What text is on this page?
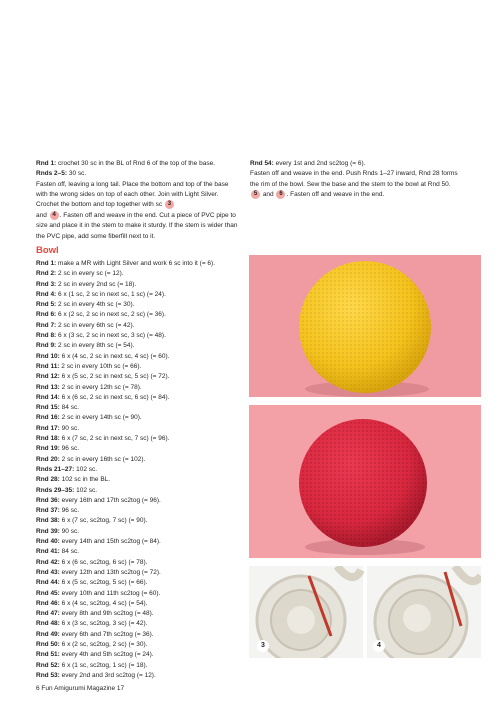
Rnd 1: crochet 30 sc in the BL of Rnd 6 of the top of the base.

Rnds 2–5: 30 sc.

Fasten off, leaving a long tail. Place the bottom and top of the base with the wrong sides on top of each other. Join with Light Silver. Crochet the bottom and top together with sc 3
and 4 . Fasten off and weave in the end. Cut a piece of PVC pipe to size and place it in the stem to make it sturdy. If the stem is wider than the PVC pipe, add some fiberfill next to it.

Rnd 54: every 1st and 2nd sc2tog (= 6).

Fasten off and weave in the end. Push Rnds 1–27 inward, Rnd 28 forms the rim of the bowl. Sew the base and the stem to the bowl at Rnd 50. 5 and 6 . Fasten off and weave in the end.

Bowl

Rnd 1: make a MR with Light Silver and work 6 sc into it (= 6).

Rnd 2: 2 sc in every sc (= 12).

Rnd 3: 2 sc in every 2nd sc (= 18).

Rnd 4: 6 x (1 sc, 2 sc in next sc, 1 sc) (= 24).

Rnd 5: 2 sc in every 4th sc (= 30).

Rnd 6: 6 x (2 sc, 2 sc in next sc, 2 sc) (= 36).

Rnd 7: 2 sc in every 6th sc (= 42).

Rnd 8: 6 x (3 sc, 2 sc in next sc, 3 sc) (= 48).

Rnd 9: 2 sc in every 8th sc (= 54).

Rnd 10: 6 x (4 sc, 2 sc in next sc, 4 sc) (= 60).

Rnd 11: 2 sc in every 10th sc (= 66).

Rnd 12: 6 x (5 sc, 2 sc in next sc, 5 sc) (= 72).

Rnd 13: 2 sc in every 12th sc (= 78).

Rnd 14: 6 x (6 sc, 2 sc in next sc, 6 sc) (= 84).

Rnd 15: 84 sc.

Rnd 16: 2 sc in every 14th sc (= 90).

Rnd 17: 90 sc.

Rnd 18: 6 x (7 sc, 2 sc in next sc, 7 sc) (= 96).

Rnd 19: 96 sc.

Rnd 20: 2 sc in every 16th sc (= 102).

Rnds 21–27: 102 sc.

Rnd 28: 102 sc in the BL.

Rnds 29–35: 102 sc.

Rnd 36: every 16th and 17th sc2tog (= 96).

Rnd 37: 96 sc.

Rnd 38: 6 x (7 sc, sc2tog, 7 sc) (= 90).

Rnd 39: 90 sc.

Rnd 40: every 14th and 15th sc2tog (= 84).

Rnd 41: 84 sc.

Rnd 42: 6 x (6 sc, sc2tog, 6 sc) (= 78).

Rnd 43: every 12th and 13th sc2tog (= 72).

Rnd 44: 6 x (5 sc, sc2tog, 5 sc) (= 66).

Rnd 45: every 10th and 11th sc2tog (= 60).

Rnd 46: 6 x (4 sc, sc2tog, 4 sc) (= 54).

Rnd 47: every 8th and 9th sc2tog (= 48).

Rnd 48: 6 x (3 sc, sc2tog, 3 sc) (= 42).

Rnd 49: every 6th and 7th sc2tog (= 36).

Rnd 50: 6 x (2 sc, sc2tog, 2 sc) (= 30).

Rnd 51: every 4th and 5th sc2tog (= 24).

Rnd 52: 6 x (1 sc, sc2tog, 1 sc) (= 18).

Rnd 53: every 2nd and 3rd sc2tog (= 12).

3	4

6 Fun Amigurumi Magazine 17
